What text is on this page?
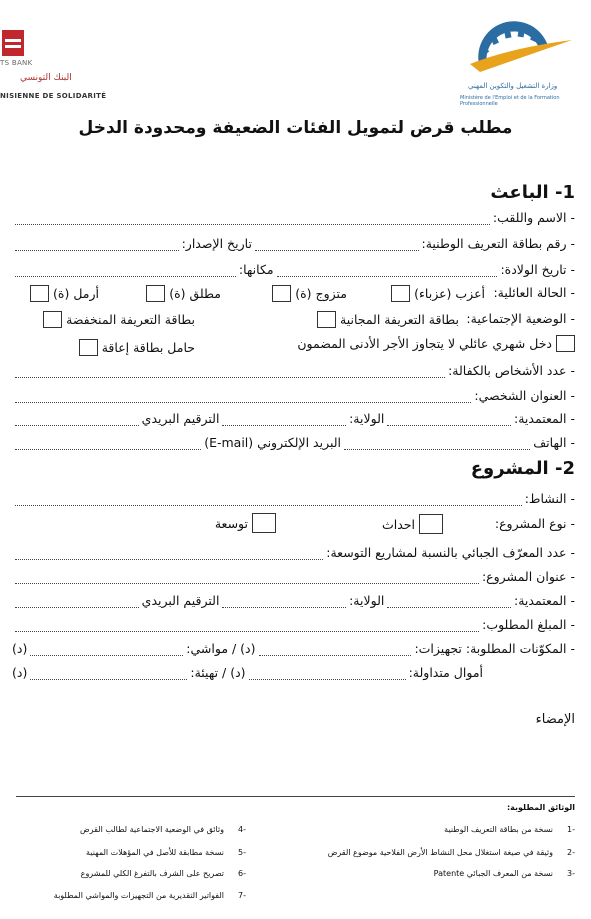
TS BANK
البنك التونسي
NISIENNE DE SOLIDARITÉ
وزارة التشغيل والتكوين المهني
Ministère de l'Emploi et de la Formation Professionnelle
مطلب قرض لتمويل الفئات الضعيفة ومحدودة الدخل
1- الباعث
- الاسم واللقب:
- رقم بطاقة التعريف الوطنية:
تاريخ الإصدار:
- تاريخ الولادة:
مكانها:
- الحالة العائلية:
أعزب (عزباء)
متزوج (ة)
مطلق (ة)
أرمل (ة)
- الوضعية الإجتماعية:
بطاقة التعريفة المجانية
بطاقة التعريفة المنخفضة
دخل شهري عائلي لا يتجاوز الأجر الأدنى المضمون
حامل بطاقة إعاقة
- عدد الأشخاص بالكفالة:
- العنوان الشخصي:
- المعتمدية:
الولاية:
الترقيم البريدي
- الهاتف
البريد الإلكتروني (E-mail)
2- المشروع
- النشاط:
- نوع المشروع:
احداث
توسعة
- عدد المعرّف الجبائي بالنسبة لمشاريع التوسعة:
- عنوان المشروع:
- المعتمدية:
الولاية:
الترقيم البريدي
- المبلغ المطلوب:
- المكوّنات المطلوبة: تجهيزات:
(د) / مواشي:
(د)
أموال متداولة:
(د) / تهيئة:
(د)
الإمضاء
الوثائق المطلوبة:
-1نسخة من بطاقة التعريف الوطنية
-2وثيقة في صيغة استغلال محل النشاط الأرض الفلاحية موضوع القرض
-3نسخة من المعرف الجبائي Patente
-4وثائق في الوضعية الاجتماعية لطالب القرض
-5نسخة مطابقة للأصل في المؤهلات المهنية
-6تصريح على الشرف بالتفرغ الكلي للمشروع
-7الفواتير التقديرية من التجهيزات والمواشي المطلوبة
